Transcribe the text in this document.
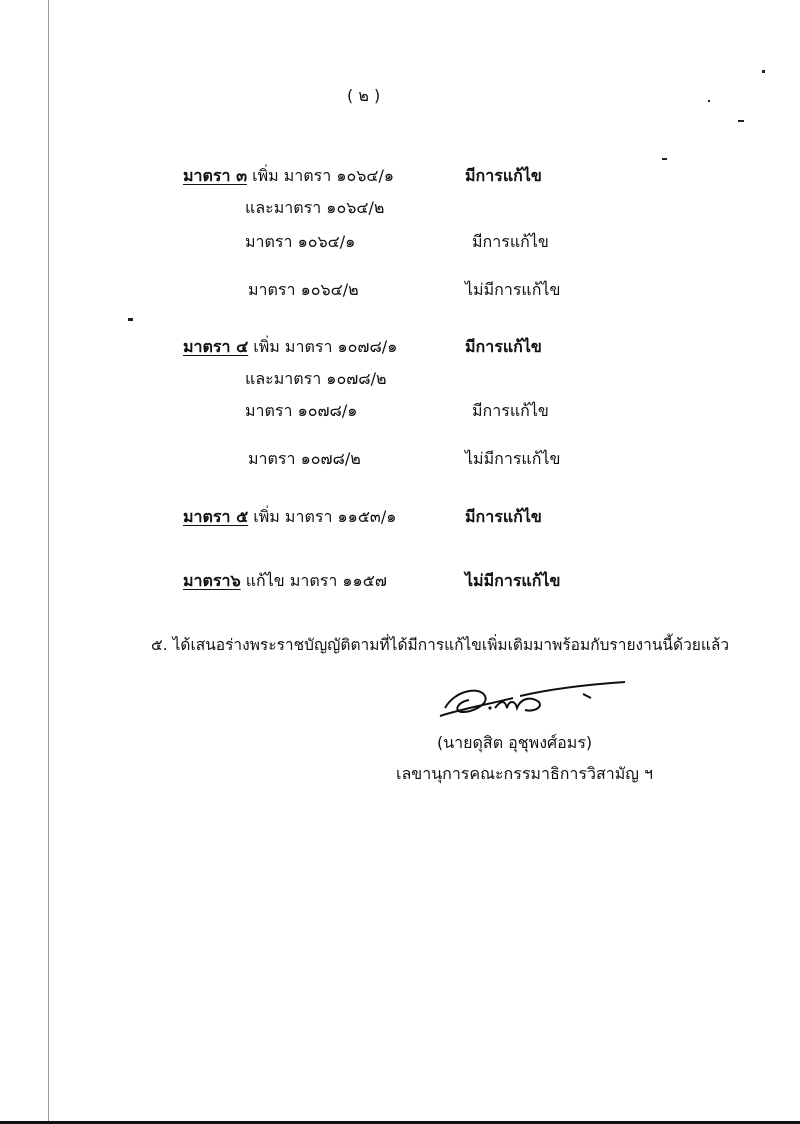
( ๒ )
มาตรา ๓ เพิ่ม มาตรา ๑๐๖๔/๑	มีการแก้ไข
และมาตรา ๑๐๖๔/๒
มาตรา ๑๐๖๔/๑	มีการแก้ไข
มาตรา ๑๐๖๔/๒	ไม่มีการแก้ไข
มาตรา ๔ เพิ่ม มาตรา ๑๐๗๘/๑	มีการแก้ไข
และมาตรา ๑๐๗๘/๒
มาตรา ๑๐๗๘/๑	มีการแก้ไข
มาตรา ๑๐๗๘/๒	ไม่มีการแก้ไข
มาตรา ๕ เพิ่ม มาตรา ๑๑๕๓/๑	มีการแก้ไข
มาตรา๖ แก้ไข มาตรา ๑๑๕๗	ไม่มีการแก้ไข
๕. ได้เสนอร่างพระราชบัญญัติตามที่ได้มีการแก้ไขเพิ่มเติมมาพร้อมกับรายงานนี้ด้วยแล้ว
(นายดุสิต อุชุพงศ์อมร)
เลขานุการคณะกรรมาธิการวิสามัญ ฯ
